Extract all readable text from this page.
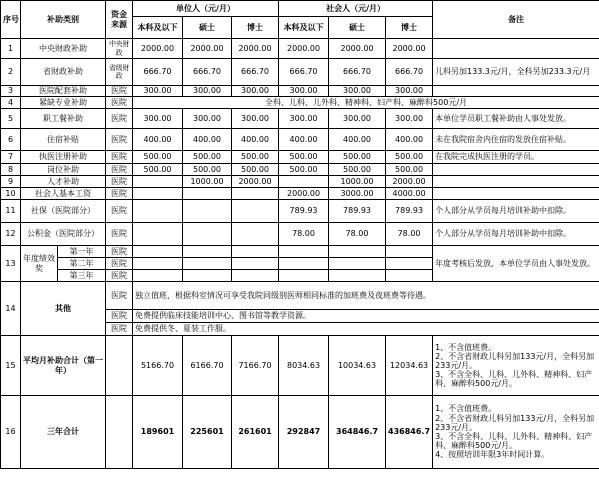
序号	补助类别		资金来源	单位人（元/月）			社会人（元/月）			备注
				本科及以下	硕士	博士	本科及以下	硕士	博士	
1	中央财政补助		中央财政	2000.00	2000.00	2000.00	2000.00	2000.00	2000.00	
2	省财政补助		省级财政	666.70	666.70	666.70	666.70	666.70	666.70	儿科另加133.3元/月，全科另加233.3元/月
3	医院配套补助		医院	300.00	300.00	300.00	300.00	300.00	300.00	
4	紧缺专业补助		医院	全科、儿科、儿外科、精神科、妇产科、麻醉科500元/月						
5	职工餐补助		医院	300.00	300.00	300.00	300.00	300.00	300.00	本单位学员职工餐补助由人事处发放。
6	住宿补贴		医院	400.00	400.00	400.00	400.00	400.00	400.00	未在我院宿舍内住宿的发放住宿补贴。
7	执医注册补助		医院	500.00	500.00	500.00	500.00	500.00	500.00	在我院完成执医注册的学员。
8	岗位补助		医院	500.00	500.00	500.00	500.00	500.00	500.00	
9	人才补助		医院		1000.00	2000.00		1000.00	2000.00	
10	社会人基本工资		医院				2000.00	3000.00	4000.00	
11	社保（医院部分）		医院				789.93	789.93	789.93	个人部分从学员每月培训补助中扣除。
12	公积金（医院部分）		医院				78.00	78.00	78.00	个人部分从学员每月培训补助中扣除。
13	年度绩效奖	第一年	医院							年度考核后发放，本单位学员由人事处发放。
		第二年	医院							
		第三年	医院							
14	其他		医院	独立值班，根据科室情况可享受我院同级别医师相同标准的加班费及夜班费等待遇。						
			医院	免费提供临床技能培训中心、图书馆等教学资源。						
			医院	免费提供冬、夏装工作服。						
15	平均月补助合计（第一年）			5166.70	6166.70	7166.70	8034.63	10034.63	12034.63	1、不含值班费。
2、不含省财政儿科另加133元/月，全科另加233元/月。
3、不含全科、儿科、儿外科、精神科、妇产科、麻醉科500元/月。

16	三年合计			189601	225601	261601	292847	364846.7	436846.7	1、不含值班费。
2、不含省财政儿科另加133元/月，全科另加233元/月。
3、不含全科、儿科、儿外科、精神科、妇产科、麻醉科500元/月。
4、按照培训年限3年时间计算。
